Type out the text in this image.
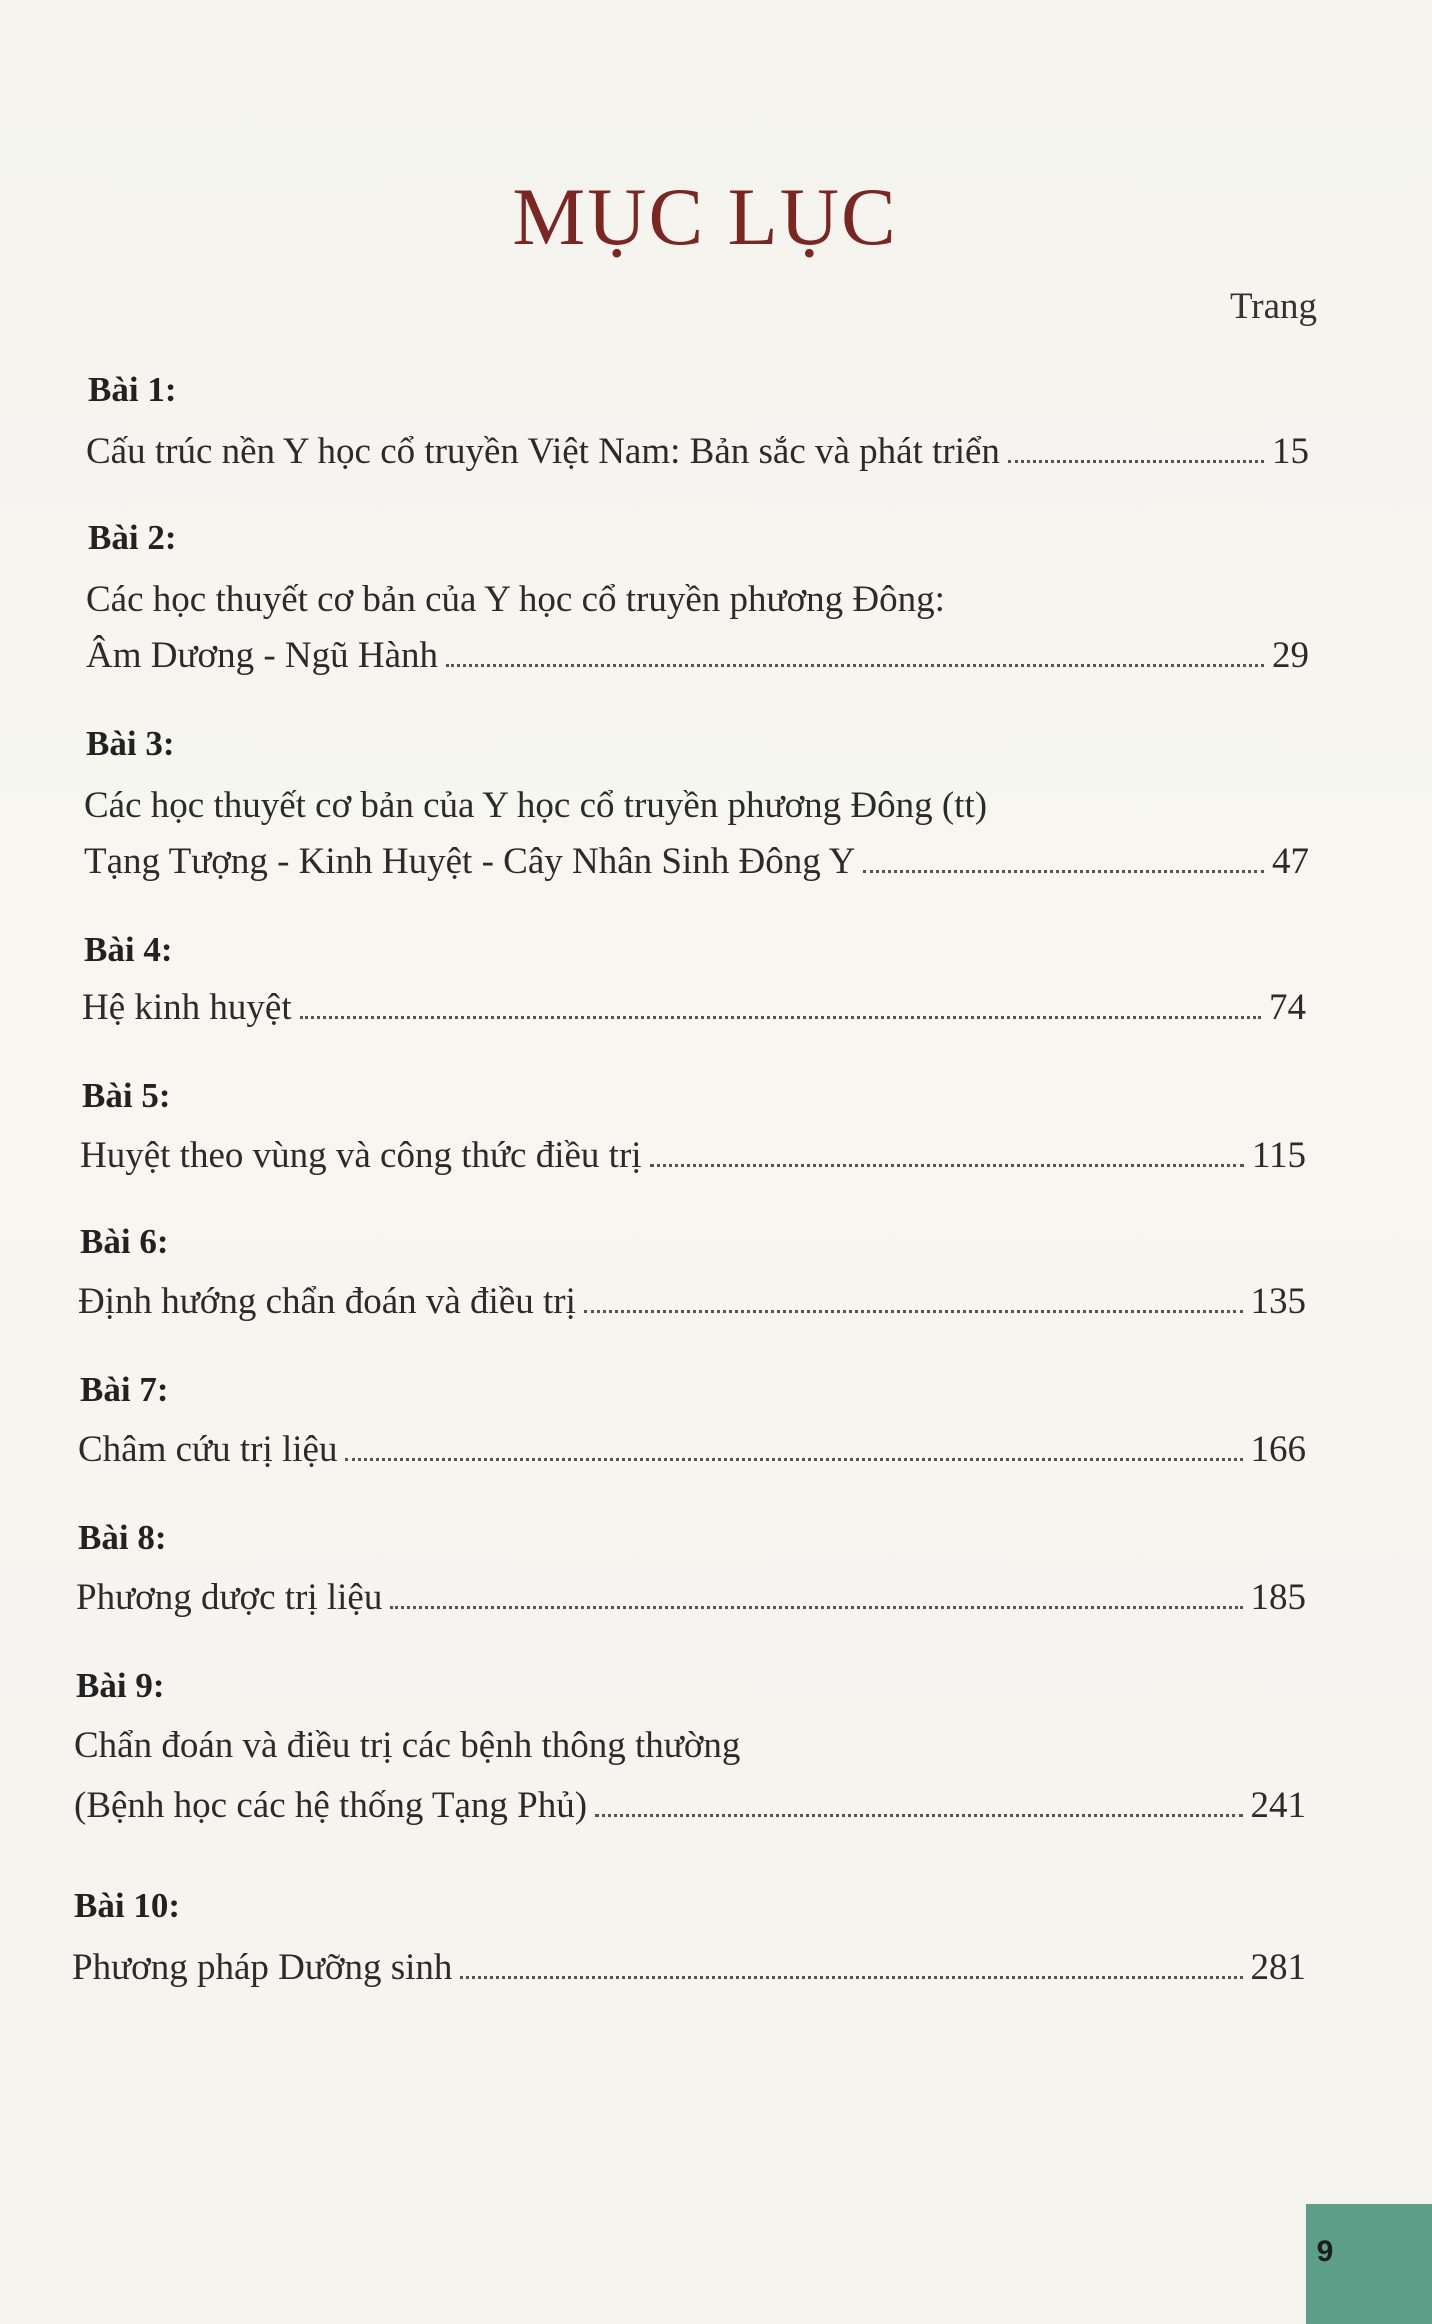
MỤC LỤC
Trang
Bài 1:
Cấu trúc nền Y học cổ truyền Việt Nam: Bản sắc và phát triển	15
Bài 2:
Các học thuyết cơ bản của Y học cổ truyền phương Đông:
Âm Dương - Ngũ Hành	29
Bài 3:
Các học thuyết cơ bản của Y học cổ truyền phương Đông (tt)
Tạng Tượng - Kinh Huyệt - Cây Nhân Sinh Đông Y	47
Bài 4:
Hệ kinh huyệt	74
Bài 5:
Huyệt theo vùng và công thức điều trị	115
Bài 6:
Định hướng chẩn đoán và điều trị	135
Bài 7:
Châm cứu trị liệu	166
Bài 8:
Phương dược trị liệu	185
Bài 9:
Chẩn đoán và điều trị các bệnh thông thường
(Bệnh học các hệ thống Tạng Phủ)	241
Bài 10:
Phương pháp Dưỡng sinh	281
9
